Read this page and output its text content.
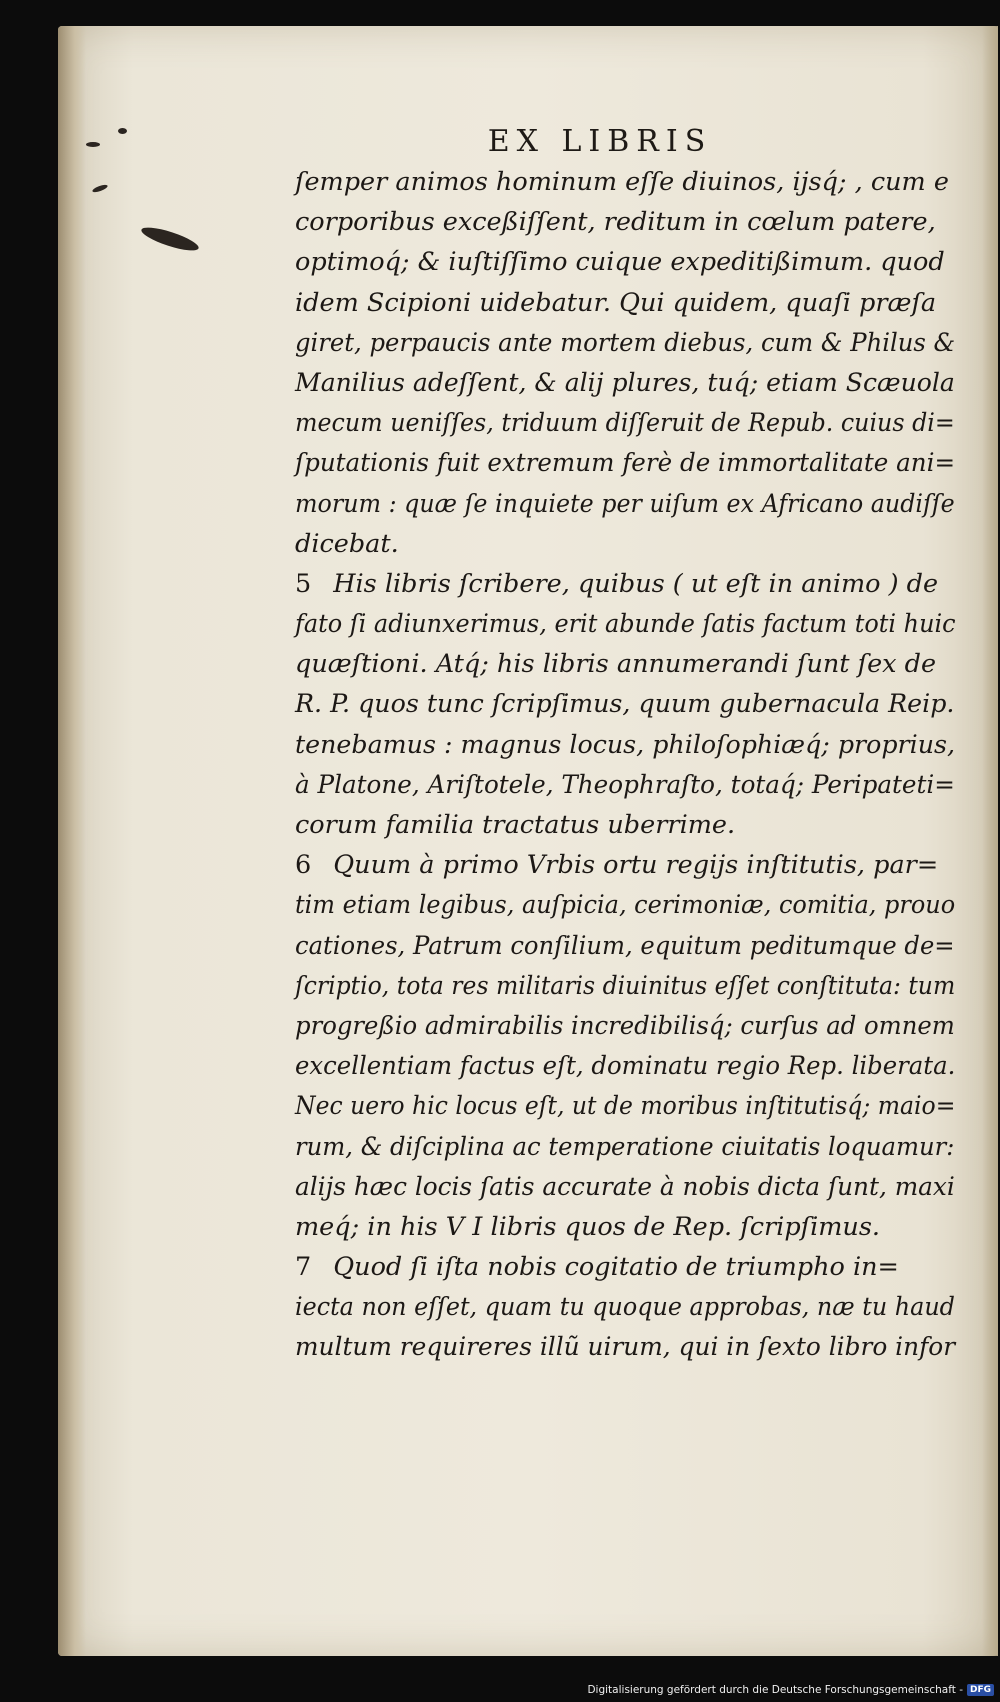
EX LIBRIS
ſemper animos hominum eſſe diuinos, ijsq́; , cum e
corporibus exceßiſſent, reditum in cœlum patere,
optimoq́; & iuſtiſſimo cuique expeditißimum. quod
idem Scipioni uidebatur. Qui quidem, quaſi præſa
giret, perpaucis ante mortem diebus, cum & Philus &
Manilius adeſſent, & alij plures, tuq́; etiam Scæuola
mecum ueniſſes, triduum diſſeruit de Repub. cuius di=
ſputationis fuit extremum ferè de immortalitate ani=
morum : quæ ſe inquiete per uiſum ex Africano audiſſe
dicebat.
5 His libris ſcribere, quibus ( ut eſt in animo ) de
fato ſi adiunxerimus, erit abunde ſatis factum toti huic
quæſtioni. Atq́; his libris annumerandi ſunt ſex de
R. P. quos tunc ſcripſimus, quum gubernacula Reip.
tenebamus : magnus locus, philoſophiæq́; proprius,
à Platone, Ariſtotele, Theophraſto, totaq́; Peripateti=
corum familia tractatus uberrime.
6 Quum à primo Vrbis ortu regijs inſtitutis, par=
tim etiam legibus, auſpicia, cerimoniæ, comitia, prouo
cationes, Patrum conſilium, equitum peditumque de=
ſcriptio, tota res militaris diuinitus eſſet conſtituta: tum
progreßio admirabilis incredibilisq́; curſus ad omnem
excellentiam factus eſt, dominatu regio Rep. liberata.
Nec uero hic locus eſt, ut de moribus inſtitutisq́; maio=
rum, & diſciplina ac temperatione ciuitatis loquamur:
alijs hæc locis ſatis accurate à nobis dicta ſunt, maxi
meq́; in his V I libris quos de Rep. ſcripſimus.
7 Quod ſi iſta nobis cogitatio de triumpho in=
iecta non eſſet, quam tu quoque approbas, næ tu haud
multum requireres illũ uirum, qui in ſexto libro infor
Digitalisierung gefördert durch die Deutsche Forschungsgemeinschaft - DFG
